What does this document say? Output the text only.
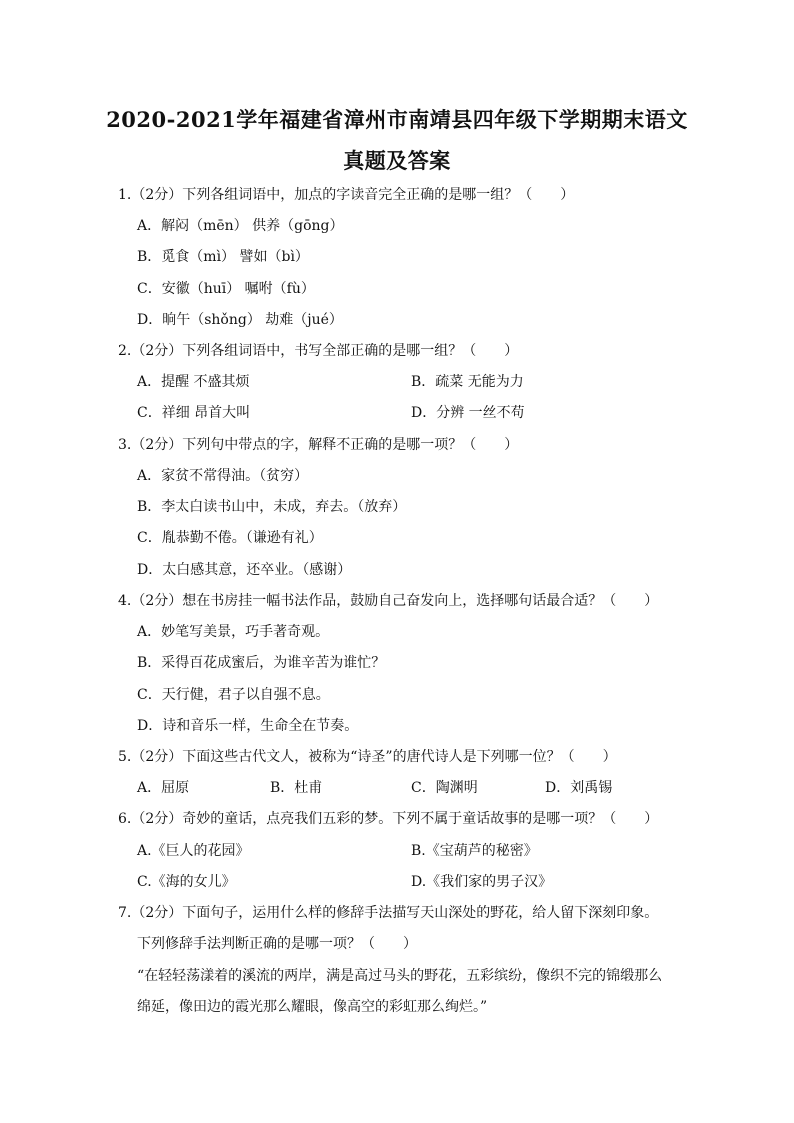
2020-2021学年福建省漳州市南靖县四年级下学期期末语文
真题及答案
1.（2分）下列各组词语中，加点的字读音完全正确的是哪一组？（　　）
A．解闷（mēn） 供养（gōng）
B．觅食（mì） 譬如（bì）
C．安徽（huī） 嘱咐（fù）
D．晌午（shǒng） 劫难（jué）
2.（2分）下列各组词语中，书写全部正确的是哪一组？（　　）
A．提醒 不盛其烦	B．疏菜 无能为力
C．祥细 昂首大叫	D．分辨 一丝不苟
3.（2分）下列句中带点的字，解释不正确的是哪一项？（　　）
A．家贫不常得油。（贫穷）
B．李太白读书山中，未成，弃去。（放弃）
C．胤恭勤不倦。（谦逊有礼）
D．太白感其意，还卒业。（感谢）
4.（2分）想在书房挂一幅书法作品，鼓励自己奋发向上，选择哪句话最合适？（　　）
A．妙笔写美景，巧手著奇观。
B．采得百花成蜜后，为谁辛苦为谁忙？
C．天行健，君子以自强不息。
D．诗和音乐一样，生命全在节奏。
5.（2分）下面这些古代文人，被称为“诗圣”的唐代诗人是下列哪一位？（　　）
A．屈原	B．杜甫	C．陶渊明	D．刘禹锡
6.（2分）奇妙的童话，点亮我们五彩的梦。下列不属于童话故事的是哪一项？（　　）
A.《巨人的花园》	B.《宝葫芦的秘密》
C.《海的女儿》	D.《我们家的男子汉》
7.（2分）下面句子，运用什么样的修辞手法描写天山深处的野花，给人留下深刻印象。
下列修辞手法判断正确的是哪一项？（　　）
“在轻轻荡漾着的溪流的两岸，满是高过马头的野花，五彩缤纷，像织不完的锦缎那么
绵延，像田边的霞光那么耀眼，像高空的彩虹那么绚烂。”
